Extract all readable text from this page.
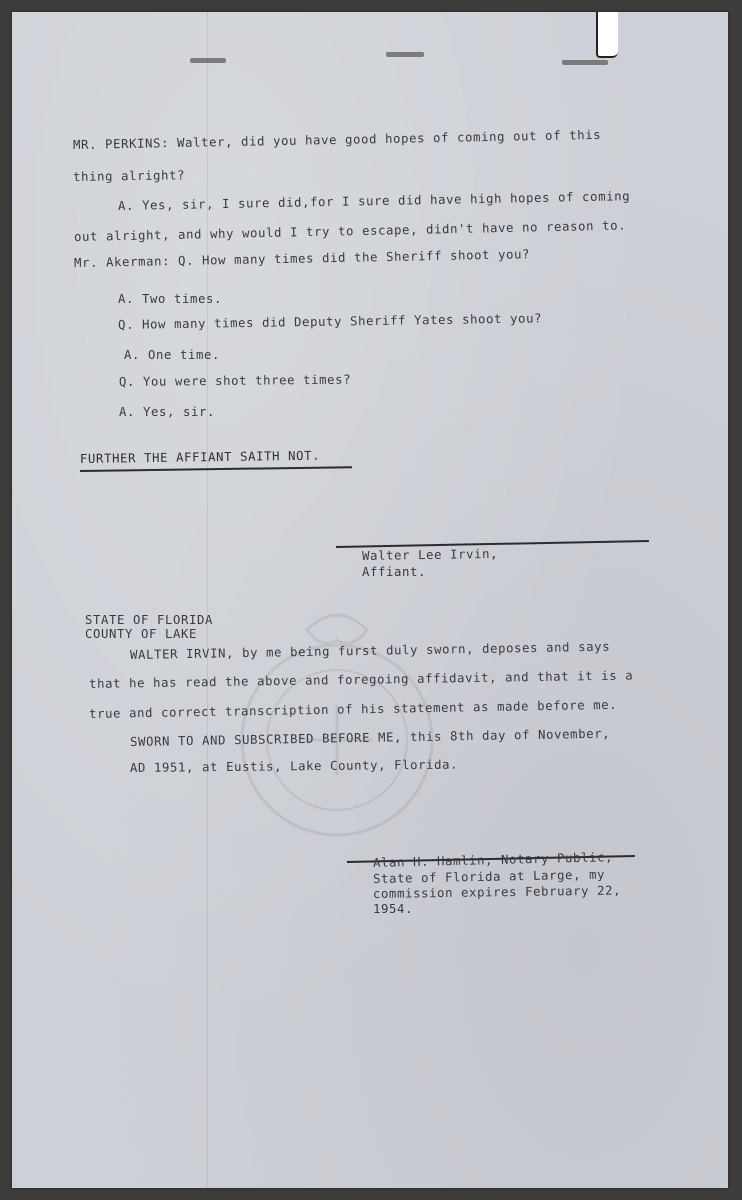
MR. PERKINS: Walter, did you have good hopes of coming out of this
thing alright?
A. Yes, sir, I sure did,for I sure did have high hopes of coming
out alright, and why would I try to escape, didn't have no reason to.
Mr. Akerman: Q. How many times did the Sheriff shoot you?
A. Two times.
Q. How many times did Deputy Sheriff Yates shoot you?
A. One time.
Q. You were shot three times?
A. Yes, sir.
FURTHER THE AFFIANT SAITH NOT.
Walter Lee Irvin,
Affiant.
STATE OF FLORIDA
COUNTY OF LAKE
WALTER IRVIN, by me being furst duly sworn, deposes and says
that he has read the above and foregoing affidavit, and that it is a
true and correct transcription of his statement as made before me.
SWORN TO AND SUBSCRIBED BEFORE ME, this 8th day of November,
AD 1951, at Eustis, Lake County, Florida.
Alan H. Hamlin, Notary Public,
State of Florida at Large, my
commission expires February 22,
1954.
